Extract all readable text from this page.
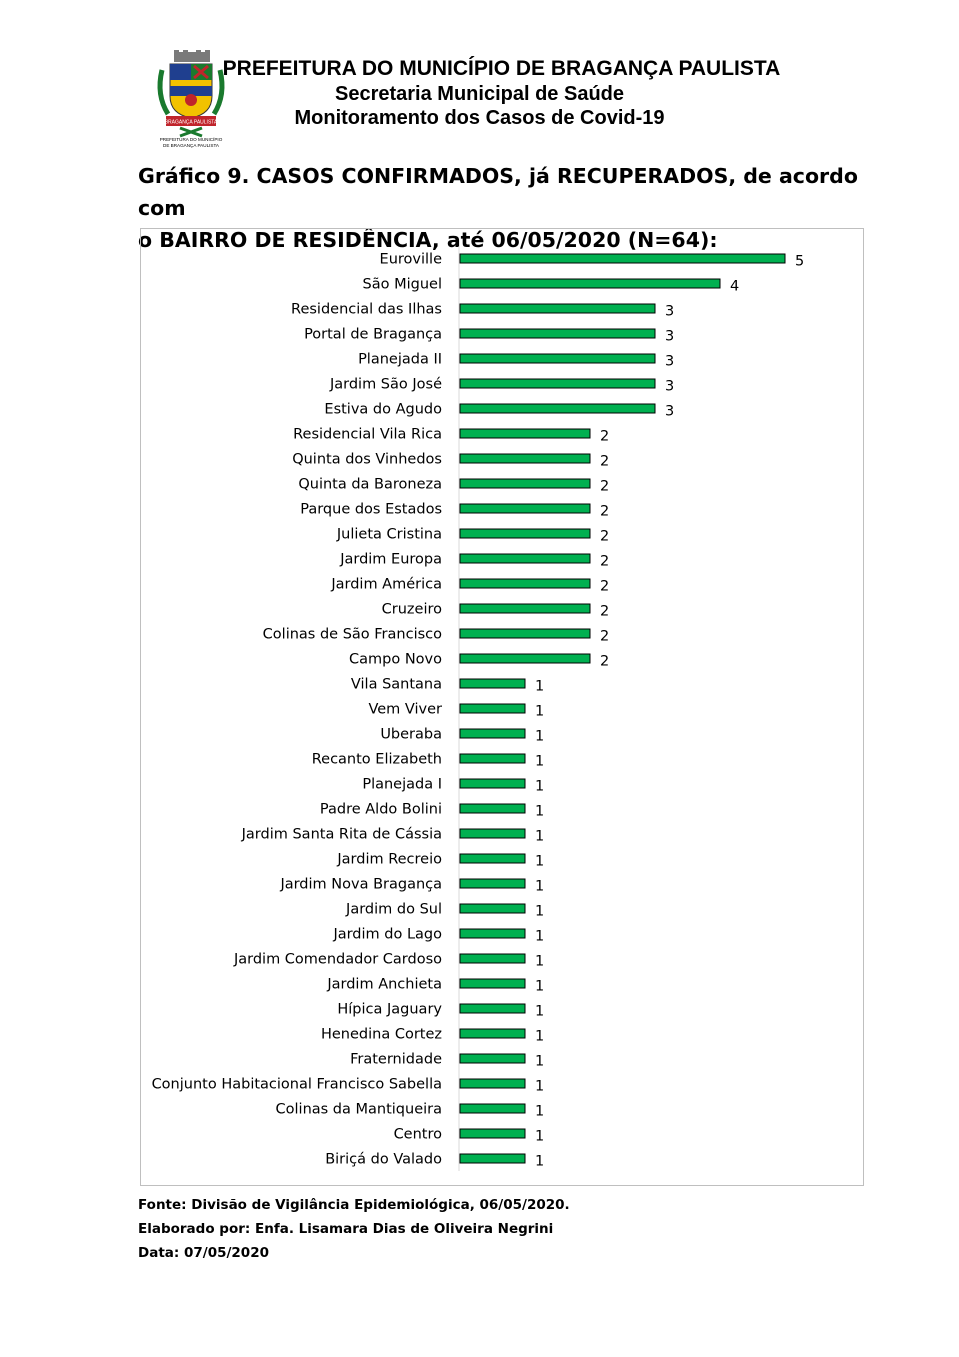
BRAGANÇA PAULISTA
PREFEITURA DO MUNICÍPIO
DE BRAGANÇA PAULISTA
PREFEITURA DO MUNICÍPIO DE BRAGANÇA PAULISTA
Secretaria Municipal de Saúde
Monitoramento dos Casos de Covid-19
Gráfico 9. CASOS CONFIRMADOS, já RECUPERADOS, de acordo com
o BAIRRO DE RESIDÊNCIA, até 06/05/2020 (N=64):
Euroville	5
São Miguel	4
Residencial das Ilhas	3
Portal de Bragança	3
Planejada II	3
Jardim São José	3
Estiva do Agudo	3
Residencial Vila Rica	2
Quinta dos Vinhedos	2
Quinta da Baroneza	2
Parque dos Estados	2
Julieta Cristina	2
Jardim Europa	2
Jardim América	2
Cruzeiro	2
Colinas de São Francisco	2
Campo Novo	2
Vila Santana	1
Vem Viver	1
Uberaba	1
Recanto Elizabeth	1
Planejada I	1
Padre Aldo Bolini	1
Jardim Santa Rita de Cássia	1
Jardim Recreio	1
Jardim Nova Bragança	1
Jardim do Sul	1
Jardim do Lago	1
Jardim Comendador Cardoso	1
Jardim Anchieta	1
Hípica Jaguary	1
Henedina Cortez	1
Fraternidade	1
Conjunto Habitacional Francisco Sabella	1
Colinas da Mantiqueira	1
Centro	1
Biriçá do Valado	1
Fonte: Divisão de Vigilância Epidemiológica, 06/05/2020.
Elaborado por: Enfa. Lisamara Dias de Oliveira Negrini
Data: 07/05/2020
